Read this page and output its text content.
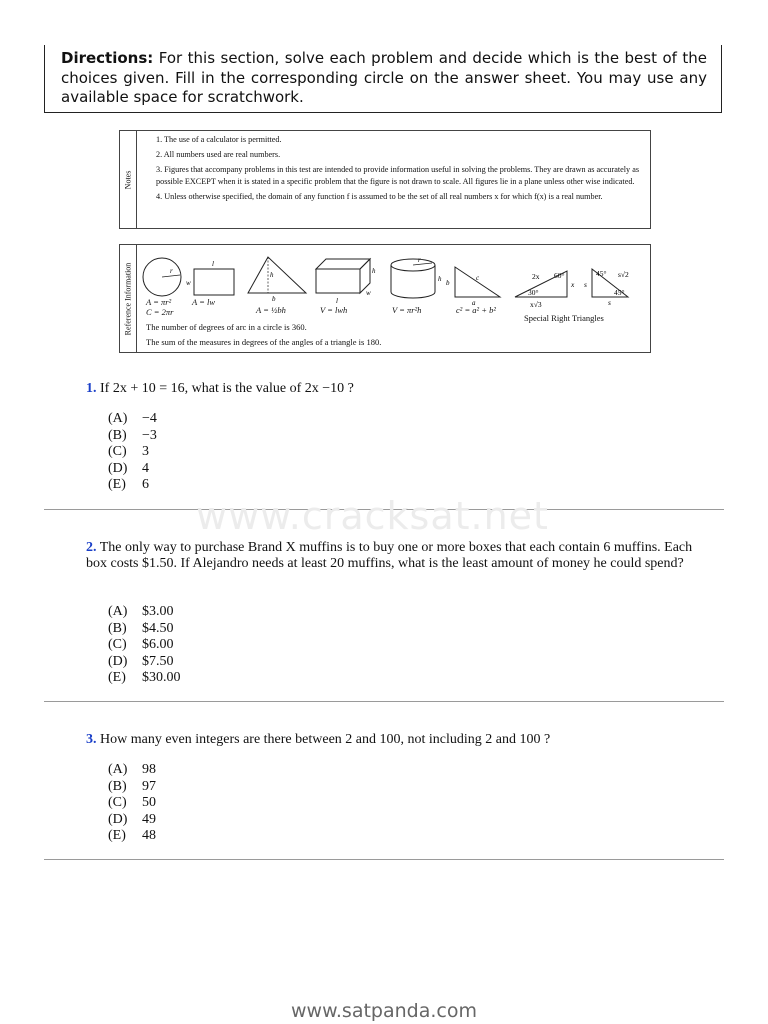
Directions: For this section, solve each problem and decide which is the best of the choices given. Fill in the corresponding circle on the answer sheet. You may use any available space for scratchwork.
Notes
1. The use of a calculator is permitted.
2. All numbers used are real numbers.
3. Figures that accompany problems in this test are intended to provide information useful in solving the problems. They are drawn as accurately as possible EXCEPT when it is stated in a specific problem that the figure is not drawn to scale. All figures lie in a plane unless other wise indicated.
4. Unless otherwise specified, the domain of any function f is assumed to be the set of all real numbers x for which f(x) is a real number.
Reference Information	r
l
w
h
b	l
w
h
r
h b
c
a
2x 60°
30°
x
x√3
45°
45°
s
s√2
s
A = πr²
C = 2πr
A = lw
A = ½bh	V = lwh	V = πr²h	c² = a² + b²
Special Right Triangles
The number of degrees of arc in a circle is 360.
The sum of the measures in degrees of the angles of a triangle is 180.
1. If 2x + 10 = 16, what is the value of 2x −10 ?
(A)	−4
(B)	−3
(C)	3
(D)	4
(E)	6
www.cracksat.net
2. The only way to purchase Brand X muffins is to buy one or more boxes that each contain 6 muffins. Each box costs $1.50. If Alejandro needs at least 20 muffins, what is the least amount of money he could spend?
(A)	$3.00
(B)	$4.50
(C)	$6.00
(D)	$7.50
(E)	$30.00
3. How many even integers are there between 2 and 100, not including 2 and 100 ?
(A)	98
(B)	97
(C)	50
(D)	49
(E)	48
www.satpanda.com
